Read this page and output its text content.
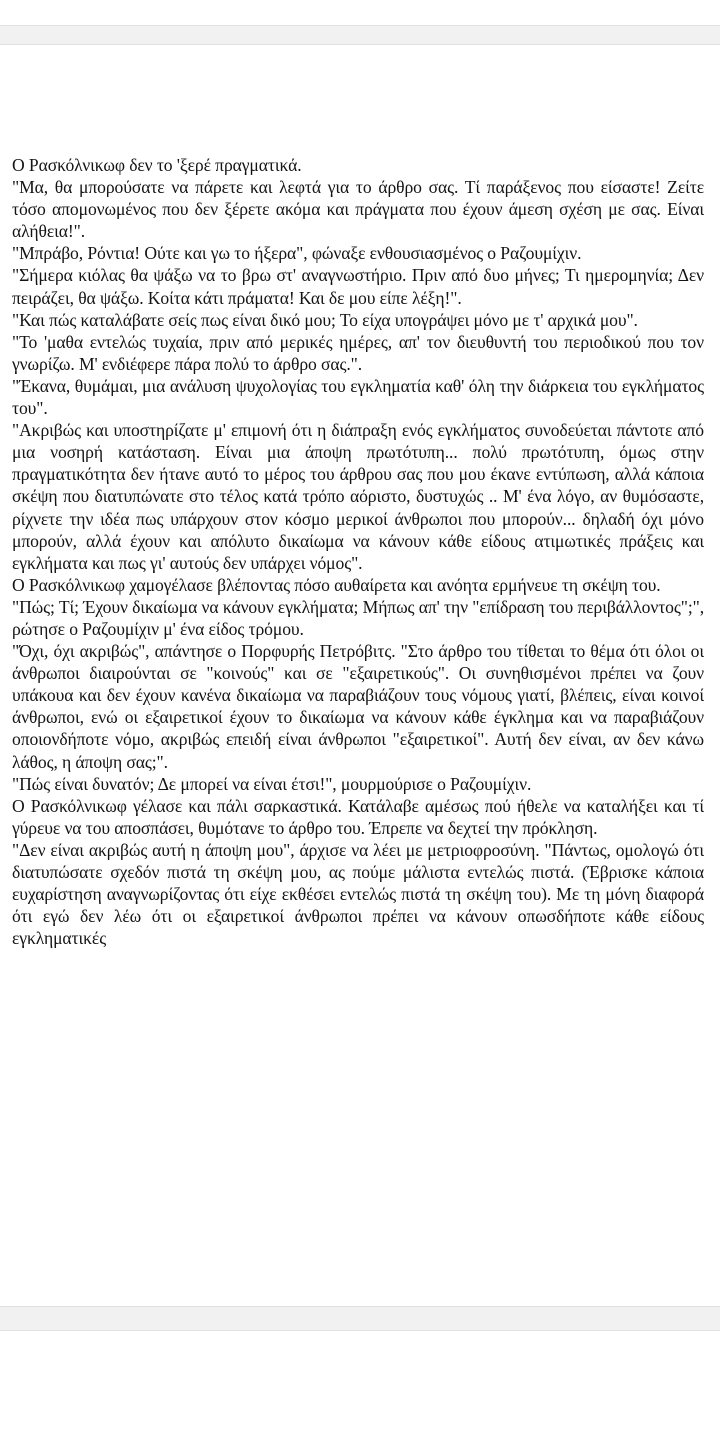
Ο Ρασκόλνικωφ δεν το 'ξερέ πραγματικά.

"Μα, θα μπορούσατε να πάρετε και λεφτά για το άρθρο σας. Τί παράξενος που είσαστε! Ζείτε τόσο απομονωμένος που δεν ξέρετε ακόμα και πράγματα που έχουν άμεση σχέση με σας. Είναι αλήθεια!".

"Μπράβο, Ρόντια! Ούτε και γω το ήξερα", φώναξε ενθουσιασμένος ο Ραζουμίχιν.

"Σήμερα κιόλας θα ψάξω να το βρω στ' αναγνωστήριο. Πριν από δυο μήνες; Τι ημερομηνία; Δεν πειράζει, θα ψάξω. Κοίτα κάτι πράματα! Και δε μου είπε λέξη!".

"Και πώς καταλάβατε σείς πως είναι δικό μου; Το είχα υπογράψει μόνο με τ' αρχικά μου".

"Το 'μαθα εντελώς τυχαία, πριν από μερικές ημέρες, απ' τον διευθυντή του περιοδικού που τον γνωρίζω. Μ' ενδιέφερε πάρα πολύ το άρθρο σας.".

"Έκανα, θυμάμαι, μια ανάλυση ψυχολογίας του εγκληματία καθ' όλη την διάρκεια του εγκλήματος του".

"Ακριβώς και υποστηρίζατε μ' επιμονή ότι η διάπραξη ενός εγκλήματος συνοδεύεται πάντοτε από μια νοσηρή κατάσταση. Είναι μια άποψη πρωτότυπη... πολύ πρωτότυπη, όμως στην πραγματικότητα δεν ήτανε αυτό το μέρος του άρθρου σας που μου έκανε εντύπωση, αλλά κάποια σκέψη που διατυπώνατε στο τέλος κατά τρόπο αόριστο, δυστυχώς .. Μ' ένα λόγο, αν θυμόσαστε, ρίχνετε την ιδέα πως υπάρχουν στον κόσμο μερικοί άνθρωποι που μπορούν... δηλαδή όχι μόνο μπορούν, αλλά έχουν και απόλυτο δικαίωμα να κάνουν κάθε είδους ατιμωτικές πράξεις και εγκλήματα και πως γι' αυτούς δεν υπάρχει νόμος".

Ο Ρασκόλνικωφ χαμογέλασε βλέποντας πόσο αυθαίρετα και ανόητα ερμήνευε τη σκέψη του.

"Πώς; Τί; Έχουν δικαίωμα να κάνουν εγκλήματα; Μήπως απ' την "επίδραση του περιβάλλοντος";", ρώτησε ο Ραζουμίχιν μ' ένα είδος τρόμου.

"Όχι, όχι ακριβώς", απάντησε ο Πορφυρής Πετρόβιτς. "Στο άρθρο του τίθεται το θέμα ότι όλοι οι άνθρωποι διαιρούνται σε "κοινούς" και σε "εξαιρετικούς". Οι συνηθισμένοι πρέπει να ζουν υπάκουα και δεν έχουν κανένα δικαίωμα να παραβιάζουν τους νόμους γιατί, βλέπεις, είναι κοινοί άνθρωποι, ενώ οι εξαιρετικοί έχουν το δικαίωμα να κάνουν κάθε έγκλημα και να παραβιάζουν οποιονδήποτε νόμο, ακριβώς επειδή είναι άνθρωποι "εξαιρετικοί". Αυτή δεν είναι, αν δεν κάνω λάθος, η άποψη σας;".

"Πώς είναι δυνατόν; Δε μπορεί να είναι έτσι!", μουρμούρισε ο Ραζουμίχιν.

Ο Ρασκόλνικωφ γέλασε και πάλι σαρκαστικά. Κατάλαβε αμέσως πού ήθελε να καταλήξει και τί γύρευε να του αποσπάσει, θυμότανε το άρθρο του. Έπρεπε να δεχτεί την πρόκληση.

"Δεν είναι ακριβώς αυτή η άποψη μου", άρχισε να λέει με μετριοφροσύνη. "Πάντως, ομολογώ ότι διατυπώσατε σχεδόν πιστά τη σκέψη μου, ας πούμε μάλιστα εντελώς πιστά. (Έβρισκε κάποια ευχαρίστηση αναγνωρίζοντας ότι είχε εκθέσει εντελώς πιστά τη σκέψη του). Με τη μόνη διαφορά ότι εγώ δεν λέω ότι οι εξαιρετικοί άνθρωποι πρέπει να κάνουν οπωσδήποτε κάθε είδους εγκληματικές
